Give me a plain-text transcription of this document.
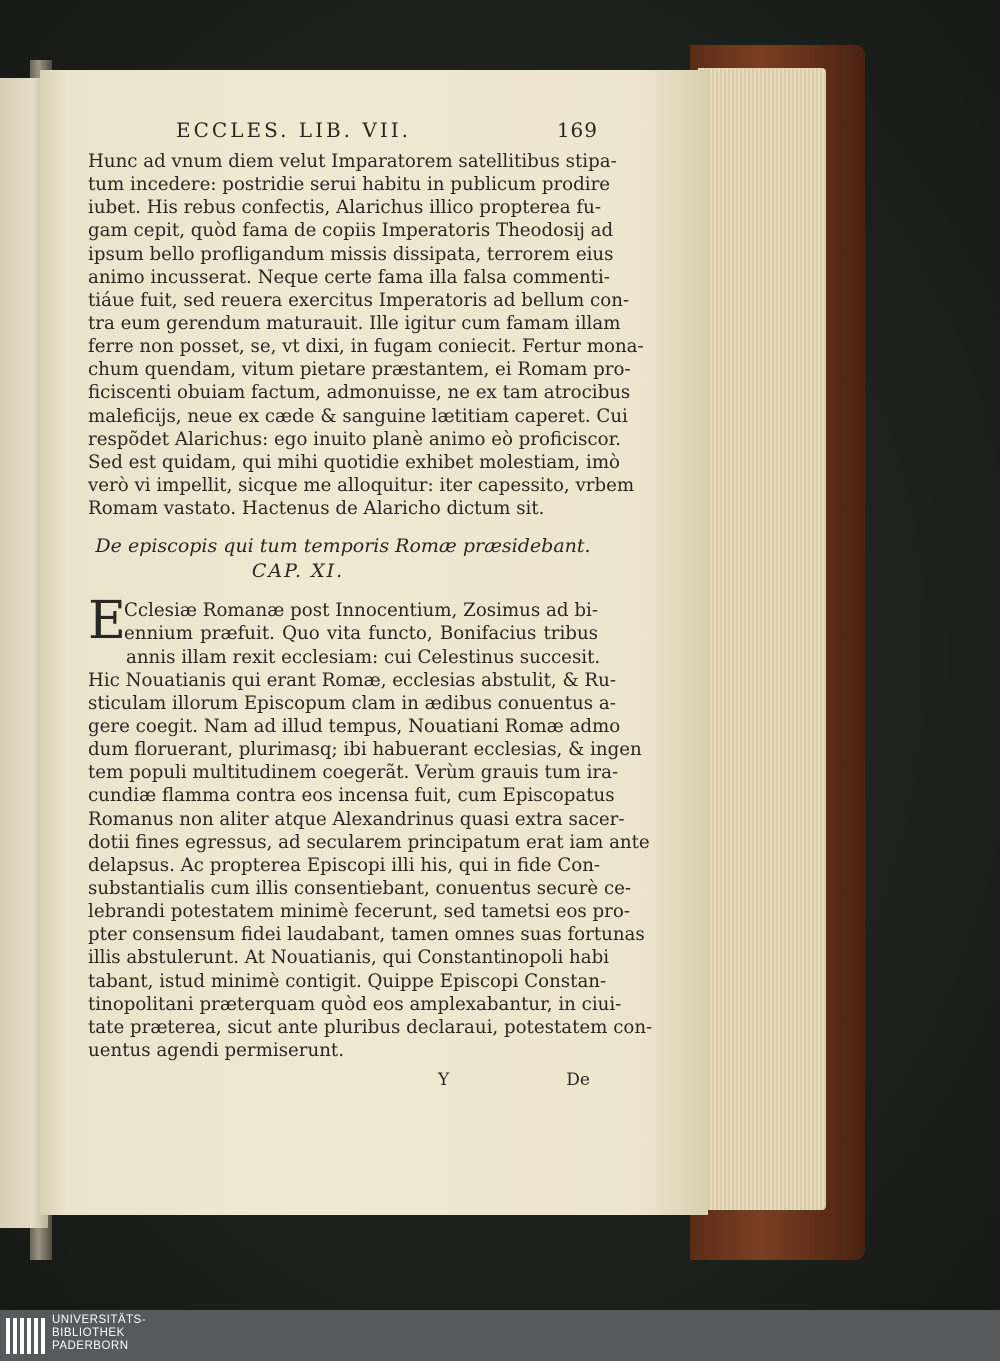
ECCLES. LIB. VII.	169
Hunc ad vnum diem velut Imparatorem satellitibus stipa-
tum incedere: postridie serui habitu in publicum prodire
iubet. His rebus confectis, Alarichus illico propterea fu-
gam cepit, quòd fama de copiis Imperatoris Theodosij ad
ipsum bello profligandum missis dissipata, terrorem eius
animo incusserat. Neque certe fama illa falsa commenti-
tiáue fuit, sed reuera exercitus Imperatoris ad bellum con-
tra eum gerendum maturauit. Ille igitur cum famam illam
ferre non posset, se, vt dixi, in fugam coniecit. Fertur mona-
chum quendam, vitum pietare præstantem, ei Romam pro-
ficiscenti obuiam factum, admonuisse, ne ex tam atrocibus
maleficijs, neue ex cæde & sanguine lætitiam caperet. Cui
respõdet Alarichus: ego inuito planè animo eò proficiscor.
Sed est quidam, qui mihi quotidie exhibet molestiam, imò
verò vi impellit, sicque me alloquitur: iter capessito, vrbem
Romam vastato. Hactenus de Alaricho dictum sit.
De episcopis qui tum temporis Romæ præsidebant.
CAP. XI.
E
Cclesiæ Romanæ post Innocentium, Zosimus ad bi-
ennium præfuit. Quo vita functo, Bonifacius tribus
annis illam rexit ecclesiam: cui Celestinus succesit.
Hic Nouatianis qui erant Romæ, ecclesias abstulit, & Ru-
sticulam illorum Episcopum clam in ædibus conuentus a-
gere coegit. Nam ad illud tempus, Nouatiani Romæ admo
dum floruerant, plurimasq; ibi habuerant ecclesias, & ingen
tem populi multitudinem coegerãt. Verùm grauis tum ira-
cundiæ flamma contra eos incensa fuit, cum Episcopatus
Romanus non aliter atque Alexandrinus quasi extra sacer-
dotii fines egressus, ad secularem principatum erat iam ante
delapsus. Ac propterea Episcopi illi his, qui in fide Con-
substantialis cum illis consentiebant, conuentus securè ce-
lebrandi potestatem minimè fecerunt, sed tametsi eos pro-
pter consensum fidei laudabant, tamen omnes suas fortunas
illis abstulerunt. At Nouatianis, qui Constantinopoli habi
tabant, istud minimè contigit. Quippe Episcopi Constan-
tinopolitani præterquam quòd eos amplexabantur, in ciui-
tate præterea, sicut ante pluribus declaraui, potestatem con-
uentus agendi permiserunt.
Y	De
UNIVERSITÄTS-
BIBLIOTHEK
PADERBORN
